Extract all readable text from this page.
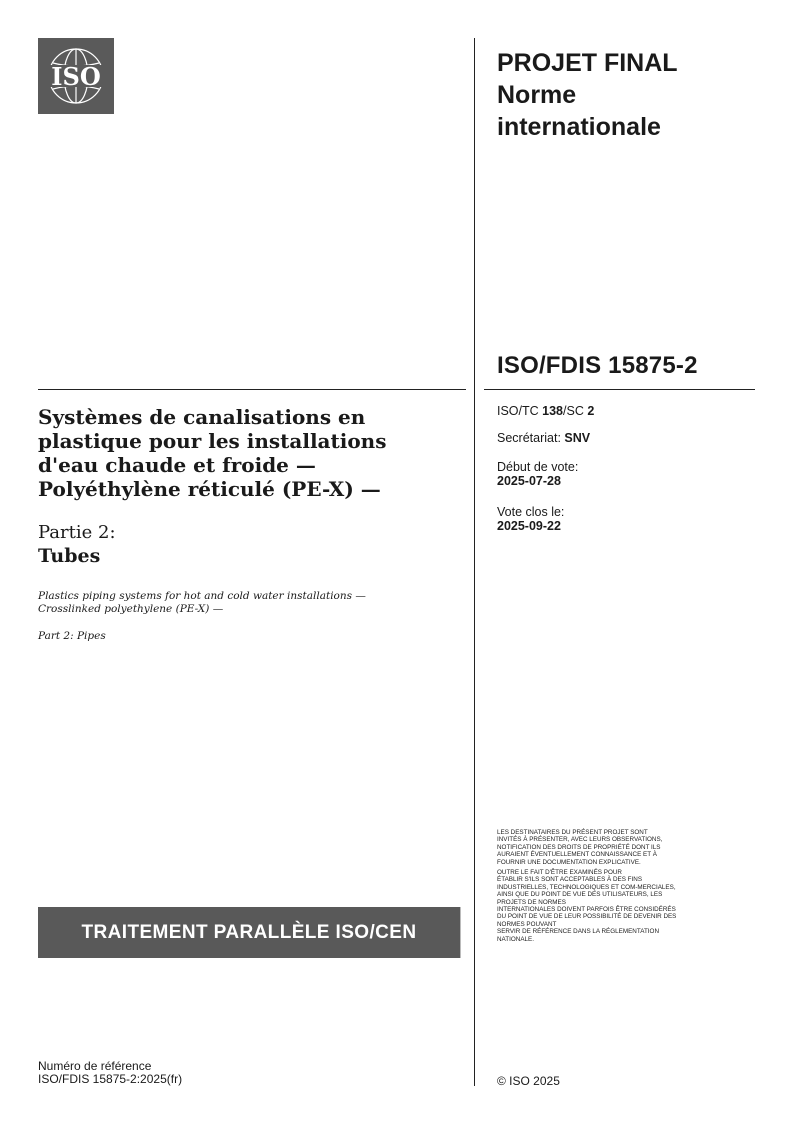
ISO	PROJET FINAL
Norme
internationale
ISO/FDIS 15875-2
ISO/TC 138/SC 2
Secrétariat: SNV
Début de vote:
2025-07-28
Vote clos le:
2025-09-22
Systèmes de canalisations en
plastique pour les installations
d'eau chaude et froide —
Polyéthylène réticulé (PE-X) —
Partie 2:
Tubes
Plastics piping systems for hot and cold water installations —
Crosslinked polyethylene (PE-X) —
Part 2: Pipes

LES DESTINATAIRES DU PRÉSENT PROJET SONT
INVITÉS À PRÉSENTER, AVEC LEURS OBSERVATIONS,
NOTIFICATION DES DROITS DE PROPRIÉTÉ DONT ILS
AURAIENT ÉVENTUELLEMENT CONNAISSANCE ET À
FOURNIR UNE DOCUMENTATION EXPLICATIVE.

OUTRE LE FAIT D'ÊTRE EXAMINÉS POUR
ÉTABLIR S'ILS SONT ACCEPTABLES À DES FINS
INDUSTRIELLES, TECHNOLOGIQUES ET COM-MERCIALES,
AINSI QUE DU POINT DE VUE DES UTILISATEURS, LES
PROJETS DE NORMES
INTERNATIONALES DOIVENT PARFOIS ÊTRE CONSIDÉRÉS
DU POINT DE VUE DE LEUR POSSIBILITÉ DE DEVENIR DES
NORMES POUVANT
SERVIR DE RÉFÉRENCE DANS LA RÉGLEMENTATION
NATIONALE.

TRAITEMENT PARALLÈLE ISO/CEN
Numéro de référence
ISO/FDIS 15875-2:2025(fr)	© ISO 2025
